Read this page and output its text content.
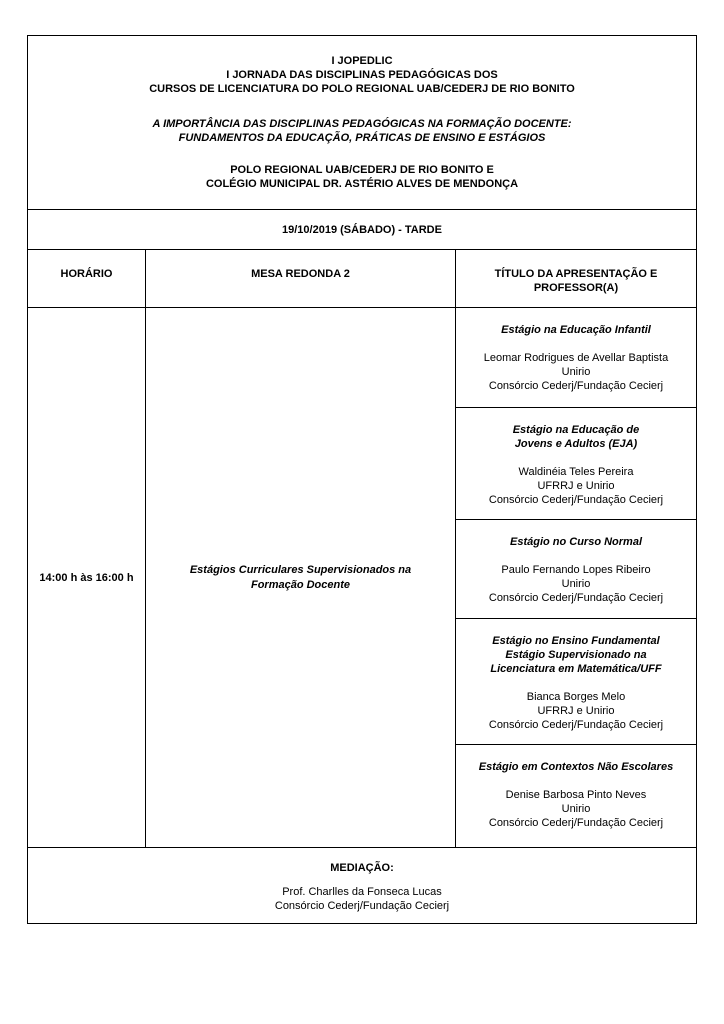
I JOPEDLIC
I JORNADA DAS DISCIPLINAS PEDAGÓGICAS DOS
CURSOS DE LICENCIATURA DO POLO REGIONAL UAB/CEDERJ DE RIO BONITO
A IMPORTÂNCIA DAS DISCIPLINAS PEDAGÓGICAS NA FORMAÇÃO DOCENTE:
FUNDAMENTOS DA EDUCAÇÃO, PRÁTICAS DE ENSINO E ESTÁGIOS
POLO REGIONAL UAB/CEDERJ DE RIO BONITO E
COLÉGIO MUNICIPAL DR. ASTÉRIO ALVES DE MENDONÇA
19/10/2019 (SÁBADO) - TARDE
HORÁRIO	MESA REDONDA 2	TÍTULO DA APRESENTAÇÃO E
PROFESSOR(A)
14:00 h às 16:00 h
Estágios Curriculares Supervisionados na
Formação Docente
Estágio na Educação Infantil
Leomar Rodrigues de Avellar Baptista
Unirio
Consórcio Cederj/Fundação Cecierj
Estágio na Educação de
Jovens e Adultos (EJA)
Waldinéia Teles Pereira
UFRRJ e Unirio
Consórcio Cederj/Fundação Cecierj
Estágio no Curso Normal
Paulo Fernando Lopes Ribeiro
Unirio
Consórcio Cederj/Fundação Cecierj
Estágio no Ensino Fundamental
Estágio Supervisionado na
Licenciatura em Matemática/UFF
Bianca Borges Melo
UFRRJ e Unirio
Consórcio Cederj/Fundação Cecierj
Estágio em Contextos Não Escolares
Denise Barbosa Pinto Neves
Unirio
Consórcio Cederj/Fundação Cecierj
MEDIAÇÃO:
Prof. Charlles da Fonseca Lucas
Consórcio Cederj/Fundação Cecierj
